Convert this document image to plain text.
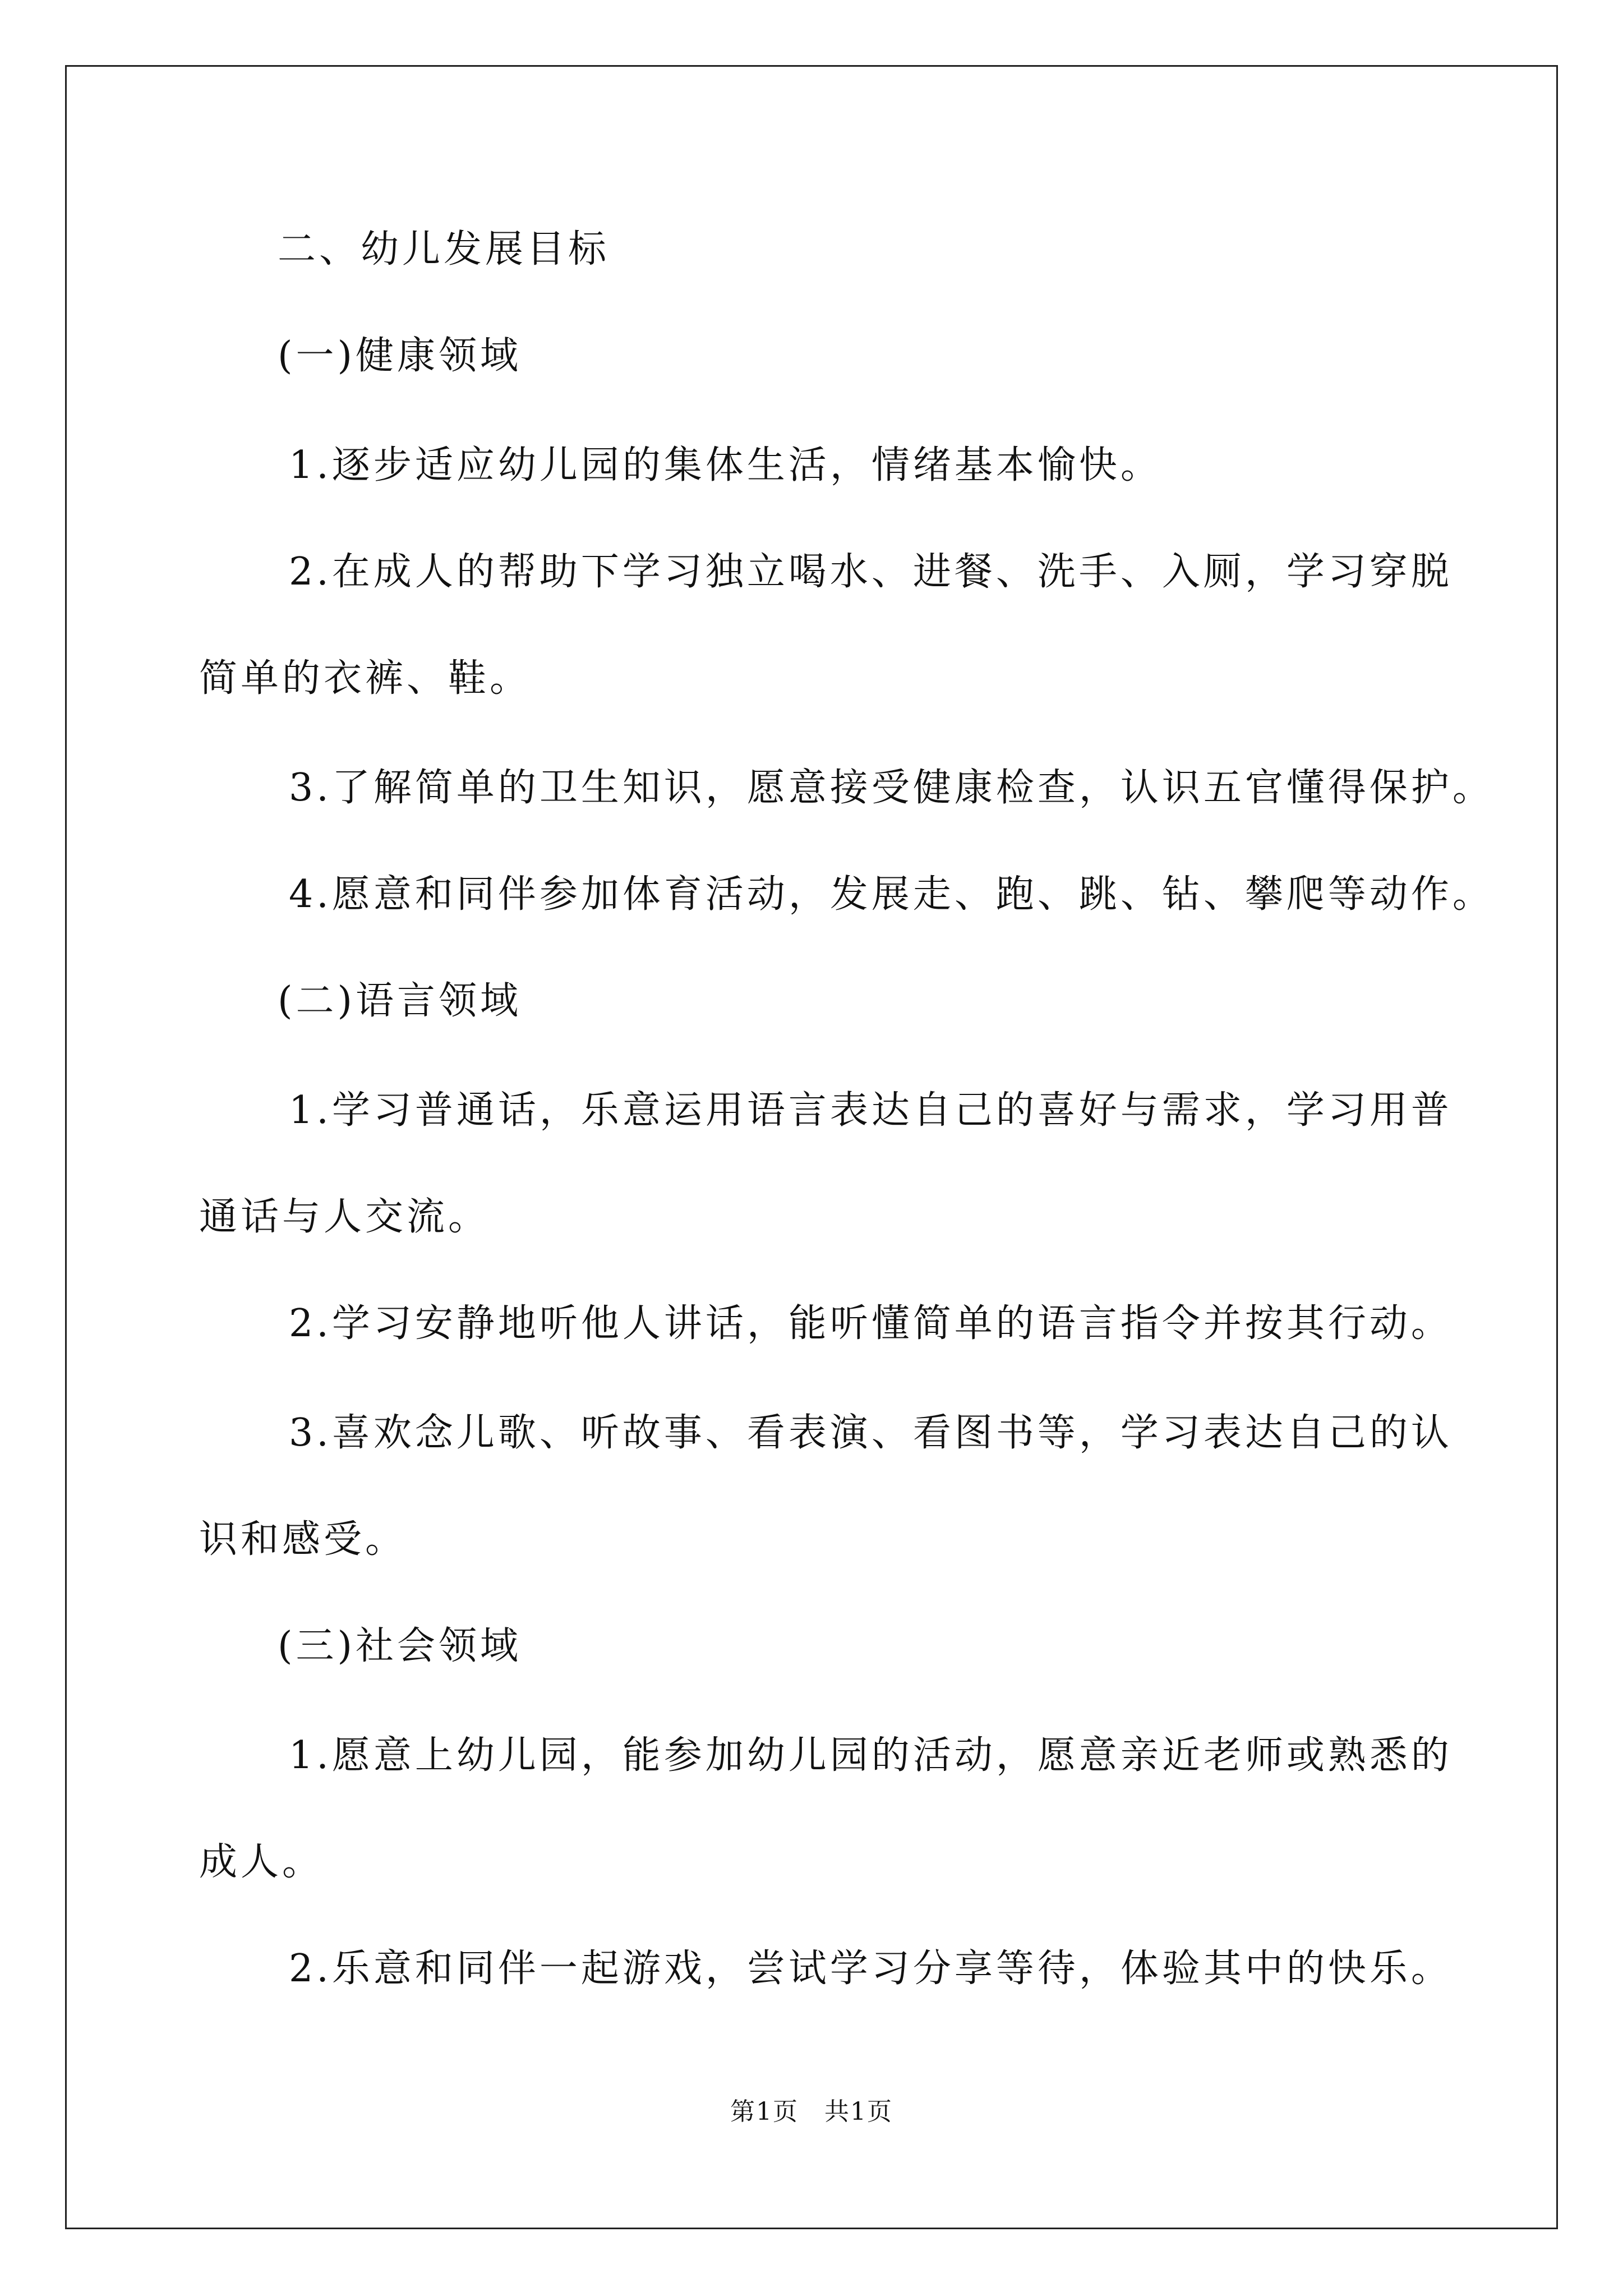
二、幼儿发展目标
(一)健康领域
1.逐步适应幼儿园的集体生活，情绪基本愉快。
2.在成人的帮助下学习独立喝水、进餐、洗手、入厕，学习穿脱
简单的衣裤、鞋。
3.了解简单的卫生知识，愿意接受健康检查，认识五官懂得保护。
4.愿意和同伴参加体育活动，发展走、跑、跳、钻、攀爬等动作。
(二)语言领域
1.学习普通话，乐意运用语言表达自己的喜好与需求，学习用普
通话与人交流。
2.学习安静地听他人讲话，能听懂简单的语言指令并按其行动。
3.喜欢念儿歌、听故事、看表演、看图书等，学习表达自己的认
识和感受。
(三)社会领域
1.愿意上幼儿园，能参加幼儿园的活动，愿意亲近老师或熟悉的
成人。
2.乐意和同伴一起游戏，尝试学习分享等待，体验其中的快乐。
第1页　共1页
